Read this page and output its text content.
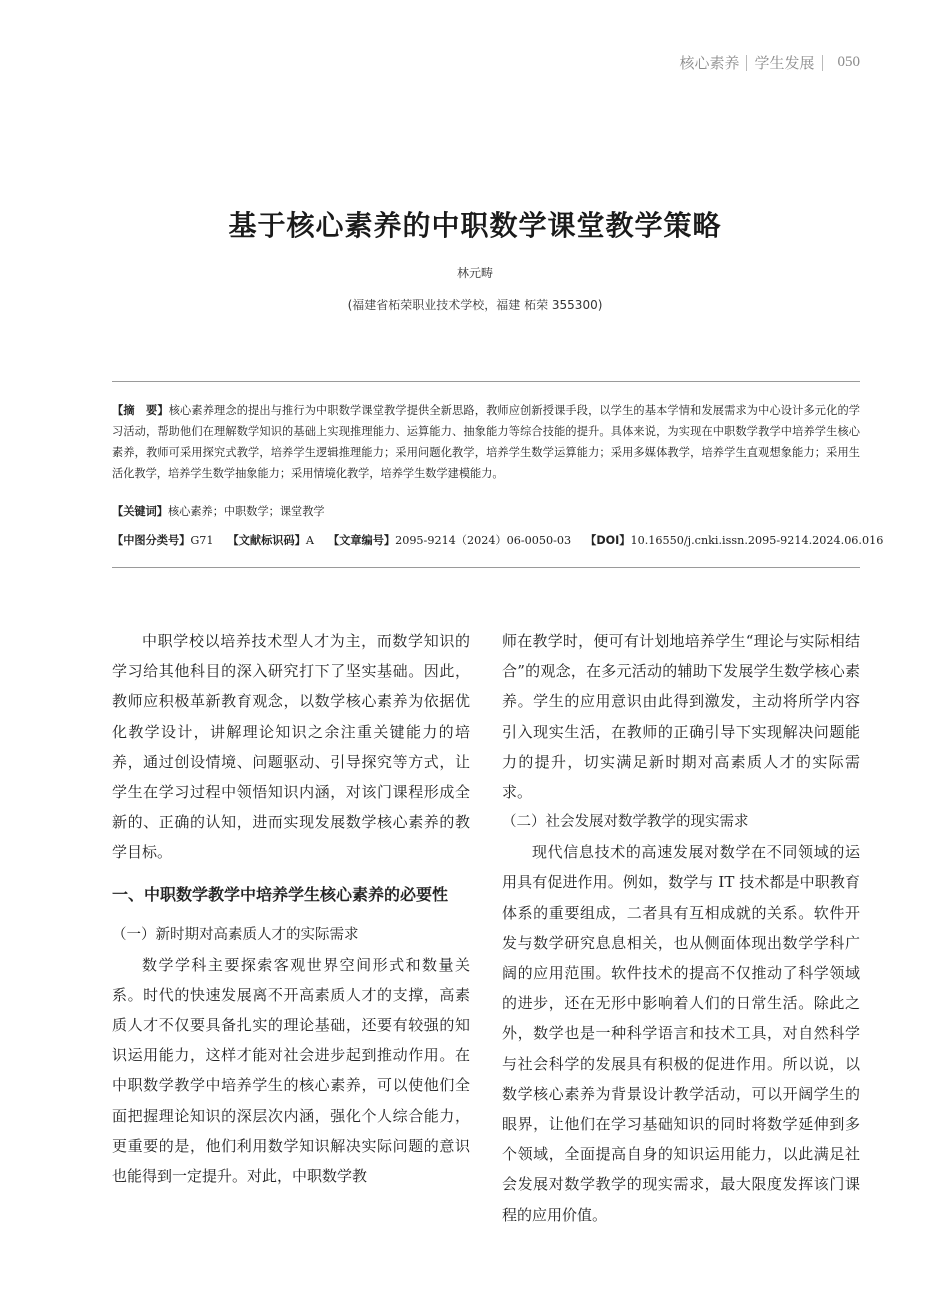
核心素养 学生发展 050
基于核心素养的中职数学课堂教学策略
林元畴
(福建省柘荣职业技术学校，福建 柘荣 355300)
【摘　要】核心素养理念的提出与推行为中职数学课堂教学提供全新思路，教师应创新授课手段，以学生的基本学情和发展需求为中心设计多元化的学习活动，帮助他们在理解数学知识的基础上实现推理能力、运算能力、抽象能力等综合技能的提升。具体来说，为实现在中职数学教学中培养学生核心素养，教师可采用探究式教学，培养学生逻辑推理能力；采用问题化教学，培养学生数学运算能力；采用多媒体教学，培养学生直观想象能力；采用生活化教学，培养学生数学抽象能力；采用情境化教学，培养学生数学建模能力。
【关键词】核心素养；中职数学；课堂教学
【中图分类号】G71 【文献标识码】A 【文章编号】2095-9214（2024）06-0050-03 【DOI】10.16550/j.cnki.issn.2095-9214.2024.06.016

中职学校以培养技术型人才为主，而数学知识的学习给其他科目的深入研究打下了坚实基础。因此，教师应积极革新教育观念，以数学核心素养为依据优化教学设计，讲解理论知识之余注重关键能力的培养，通过创设情境、问题驱动、引导探究等方式，让学生在学习过程中领悟知识内涵，对该门课程形成全新的、正确的认知，进而实现发展数学核心素养的教学目标。

一、中职数学教学中培养学生核心素养的必要性
（一）新时期对高素质人才的实际需求

数学学科主要探索客观世界空间形式和数量关系。时代的快速发展离不开高素质人才的支撑，高素质人才不仅要具备扎实的理论基础，还要有较强的知识运用能力，这样才能对社会进步起到推动作用。在中职数学教学中培养学生的核心素养，可以使他们全面把握理论知识的深层次内涵，强化个人综合能力，更重要的是，他们利用数学知识解决实际问题的意识也能得到一定提升。对此，中职数学教

师在教学时，便可有计划地培养学生“理论与实际相结合”的观念，在多元活动的辅助下发展学生数学核心素养。学生的应用意识由此得到激发，主动将所学内容引入现实生活，在教师的正确引导下实现解决问题能力的提升，切实满足新时期对高素质人才的实际需求。

（二）社会发展对数学教学的现实需求

现代信息技术的高速发展对数学在不同领域的运用具有促进作用。例如，数学与 IT 技术都是中职教育体系的重要组成，二者具有互相成就的关系。软件开发与数学研究息息相关，也从侧面体现出数学学科广阔的应用范围。软件技术的提高不仅推动了科学领域的进步，还在无形中影响着人们的日常生活。除此之外，数学也是一种科学语言和技术工具，对自然科学与社会科学的发展具有积极的促进作用。所以说，以数学核心素养为背景设计教学活动，可以开阔学生的眼界，让他们在学习基础知识的同时将数学延伸到多个领域，全面提高自身的知识运用能力，以此满足社会发展对数学教学的现实需求，最大限度发挥该门课程的应用价值。
